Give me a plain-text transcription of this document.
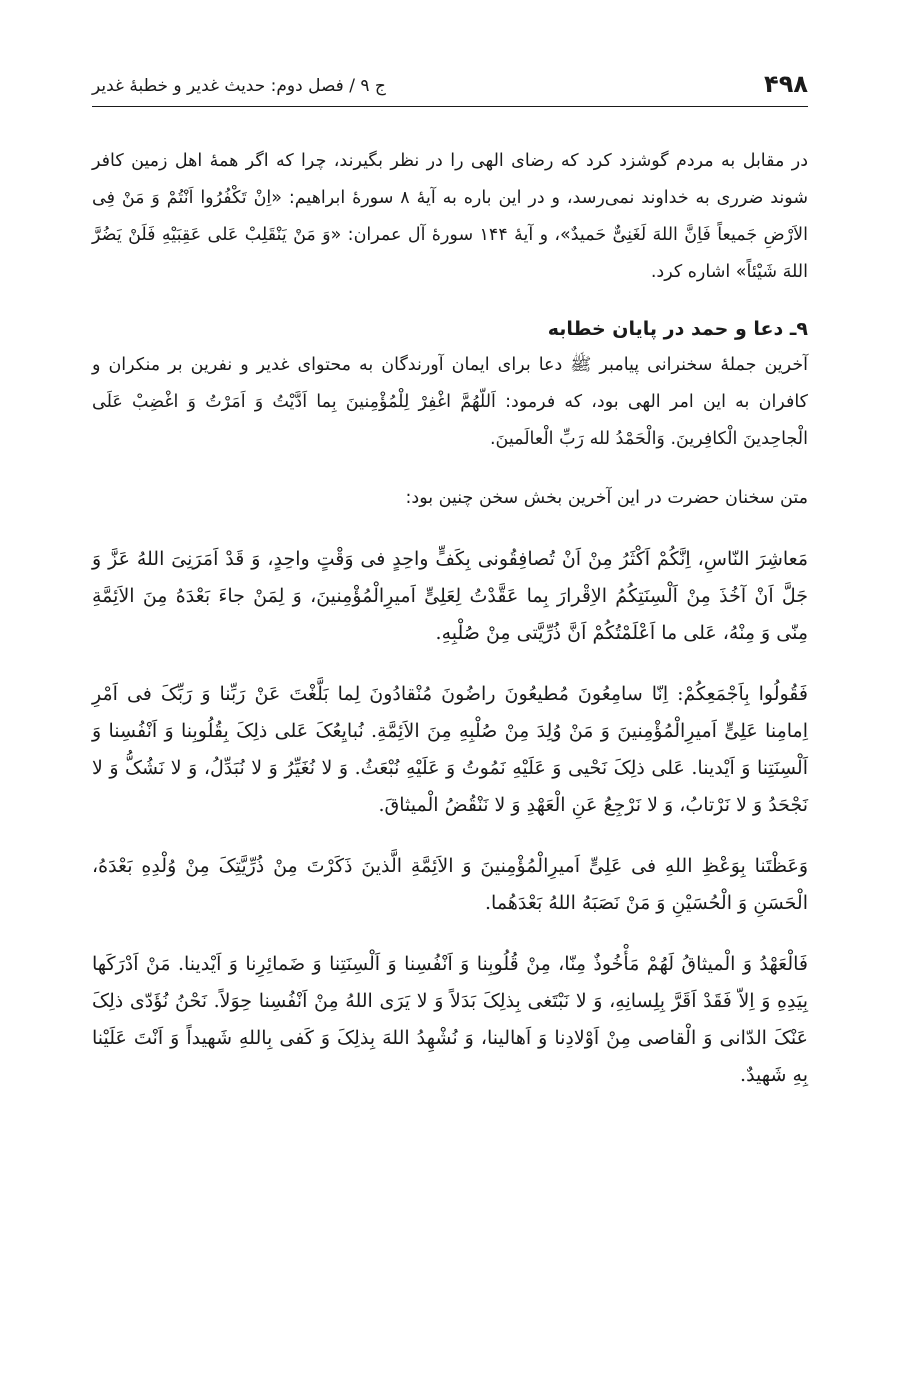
۴۹۸
ج ۹ / فصل دوم: حدیث غدیر و خطبهٔ غدیر

در مقابل به مردم گوشزد کرد که رضای الهی را در نظر بگیرند، چرا که اگر همهٔ اهل زمین کافر شوند ضرری به خداوند نمی‌رسد، و در این باره به آیهٔ ۸ سورهٔ ابراهیم: «اِنْ تَکْفُرُوا اَنْتُمْ وَ مَنْ فِی الاَرْضِ جَمیعاً فَاِنَّ اللهَ لَغَنِیٌّ حَمیدٌ»، و آیهٔ ۱۴۴ سورهٔ آل عمران: «وَ مَنْ یَنْقَلِبْ عَلی عَقِبَیْهِ فَلَنْ یَضُرَّ اللهَ شَیْئاً» اشاره کرد.

۹ـ دعا و حمد در پایان خطابه

آخرین جملهٔ سخنرانی پیامبر ﷺ دعا برای ایمان آورندگان به محتوای غدیر و نفرین بر منکران و کافران به این امر الهی بود، که فرمود: اَللّهُمَّ اغْفِرْ لِلْمُؤْمِنینَ بِما اَدَّیْتُ وَ اَمَرْتُ وَ اغْضِبْ عَلَی الْجاحِدینَ الْکافِرینَ. وَالْحَمْدُ لله رَبِّ الْعالَمینَ.

متن سخنان حضرت در این آخرین بخش سخن چنین بود:

مَعاشِرَ النّاسِ، اِنَّکُمْ اَکْثَرُ مِنْ اَنْ تُصافِقُونی بِکَفٍّ واحِدٍ فی وَقْتٍ واحِدٍ، وَ قَدْ اَمَرَنِیَ اللهُ عَزَّ وَ جَلَّ اَنْ آخُذَ مِنْ اَلْسِنَتِکُمُ الاِقْرارَ بِما عَقَّدْتُ لِعَلِیٍّ اَمیرِالْمُؤْمِنینَ، وَ لِمَنْ جاءَ بَعْدَهُ مِنَ الاَئِمَّةِ مِنّی وَ مِنْهُ، عَلی ما اَعْلَمْتُکُمْ اَنَّ ذُرِّیَّتی مِنْ صُلْبِهِ.

فَقُولُوا بِاَجْمَعِکُمْ: اِنّا سامِعُونَ مُطیعُونَ راضُونَ مُنْقادُونَ لِما بَلَّغْتَ عَنْ رَبِّنا وَ رَبِّکَ فی اَمْرِ اِمامِنا عَلِیٍّ اَمیرِالْمُؤْمِنینَ وَ مَنْ وُلِدَ مِنْ صُلْبِهِ مِنَ الاَئِمَّةِ. نُبایِعُکَ عَلی ذلِکَ بِقُلُوبِنا وَ اَنْفُسِنا وَ اَلْسِنَتِنا وَ اَیْدینا. عَلی ذلِکَ نَحْیی وَ عَلَیْهِ نَمُوتُ وَ عَلَیْهِ نُبْعَثُ. وَ لا نُغَیِّرُ وَ لا نُبَدِّلُ، وَ لا نَشُکُّ وَ لا نَجْحَدُ وَ لا نَرْتابُ، وَ لا نَرْجِعُ عَنِ الْعَهْدِ وَ لا نَنْقُضُ الْمیثاقَ.

وَعَظْتَنا بِوَعْظِ اللهِ فی عَلِیٍّ اَمیرِالْمُؤْمِنینَ وَ الاَئِمَّةِ الَّذینَ ذَکَرْتَ مِنْ ذُرِّیَّتِکَ مِنْ وُلْدِهِ بَعْدَهُ، الْحَسَنِ وَ الْحُسَیْنِ وَ مَنْ نَصَبَهُ اللهُ بَعْدَهُما.

فَالْعَهْدُ وَ الْمیثاقُ لَهُمْ مَأْخُوذٌ مِنّا، مِنْ قُلُوبِنا وَ اَنْفُسِنا وَ اَلْسِنَتِنا وَ ضَمائِرِنا وَ اَیْدینا. مَنْ اَدْرَکَها بِیَدِهِ وَ اِلاّ فَقَدْ اَقَرَّ بِلِسانِهِ، وَ لا نَبْتَغی بِذلِکَ بَدَلاً وَ لا یَرَی اللهُ مِنْ اَنْفُسِنا حِوَلاً. نَحْنُ نُؤَدّی ذلِکَ عَنْکَ الدّانی وَ الْقاصی مِنْ اَوْلادِنا وَ اَهالینا، وَ نُشْهِدُ اللهَ بِذلِکَ وَ کَفی بِاللهِ شَهیداً وَ اَنْتَ عَلَیْنا بِهِ شَهیدٌ.
